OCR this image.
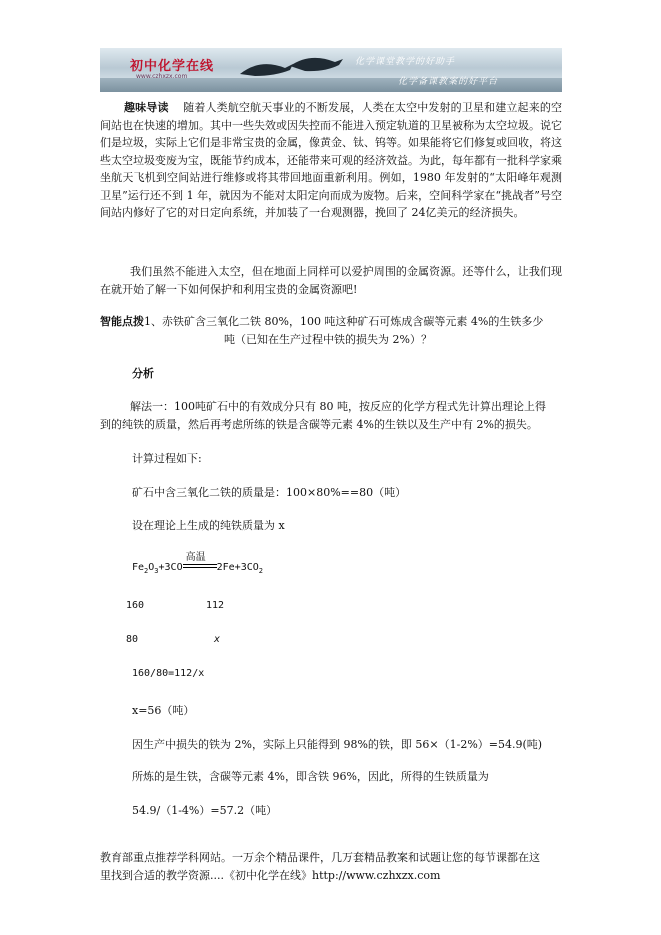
初中化学在线
www.czhxzx.com
化学课堂教学的好助手
化学备课教案的好平台

趣味导读 随着人类航空航天事业的不断发展，人类在太空中发射的卫星和建立起来的空间站也在快速的增加。其中一些失效或因失控而不能进入预定轨道的卫星被称为太空垃圾。说它们是垃圾，实际上它们是非常宝贵的金属，像黄金、钛、钨等。如果能将它们修复或回收，将这些太空垃圾变废为宝，既能节约成本，还能带来可观的经济效益。为此，每年都有一批科学家乘坐航天飞机到空间站进行维修或将其带回地面重新利用。例如，1980 年发射的“太阳峰年观测卫星”运行还不到 1 年，就因为不能对太阳定向而成为废物。后来，空间科学家在“挑战者”号空间站内修好了它的对日定向系统，并加装了一台观测器，挽回了 24亿美元的经济损失。

我们虽然不能进入太空，但在地面上同样可以爱护周围的金属资源。还等什么，让我们现在就开始了解一下如何保护和利用宝贵的金属资源吧!

智能点拨1、赤铁矿含三氧化二铁 80%，100 吨这种矿石可炼成含碳等元素 4%的生铁多少

吨（已知在生产过程中铁的损失为 2%）？

分析

解法一：100吨矿石中的有效成分只有 80 吨，按反应的化学方程式先计算出理论上得
到的纯铁的质量，然后再考虑所练的铁是含碳等元素 4%的生铁以及生产中有 2%的损失。

计算过程如下:

矿石中含三氧化二铁的质量是：100×80%==80（吨）

设在理论上生成的纯铁质量为 x

$Fe_2O_3+3CO$
高温
$2Fe+3CO_2$
160	112
80	x
160/80=112/x
x=56（吨）
因生产中损失的铁为 2%，实际上只能得到 98%的铁，即 56×（1-2%）=54.9(吨)
所炼的是生铁，含碳等元素 4%，即含铁 96%，因此，所得的生铁质量为
54.9/（1-4%）=57.2（吨）

教育部重点推荐学科网站。一万余个精品课件，几万套精品教案和试题让您的每节课都在这
里找到合适的教学资源....《初中化学在线》http://www.czhxzx.com
